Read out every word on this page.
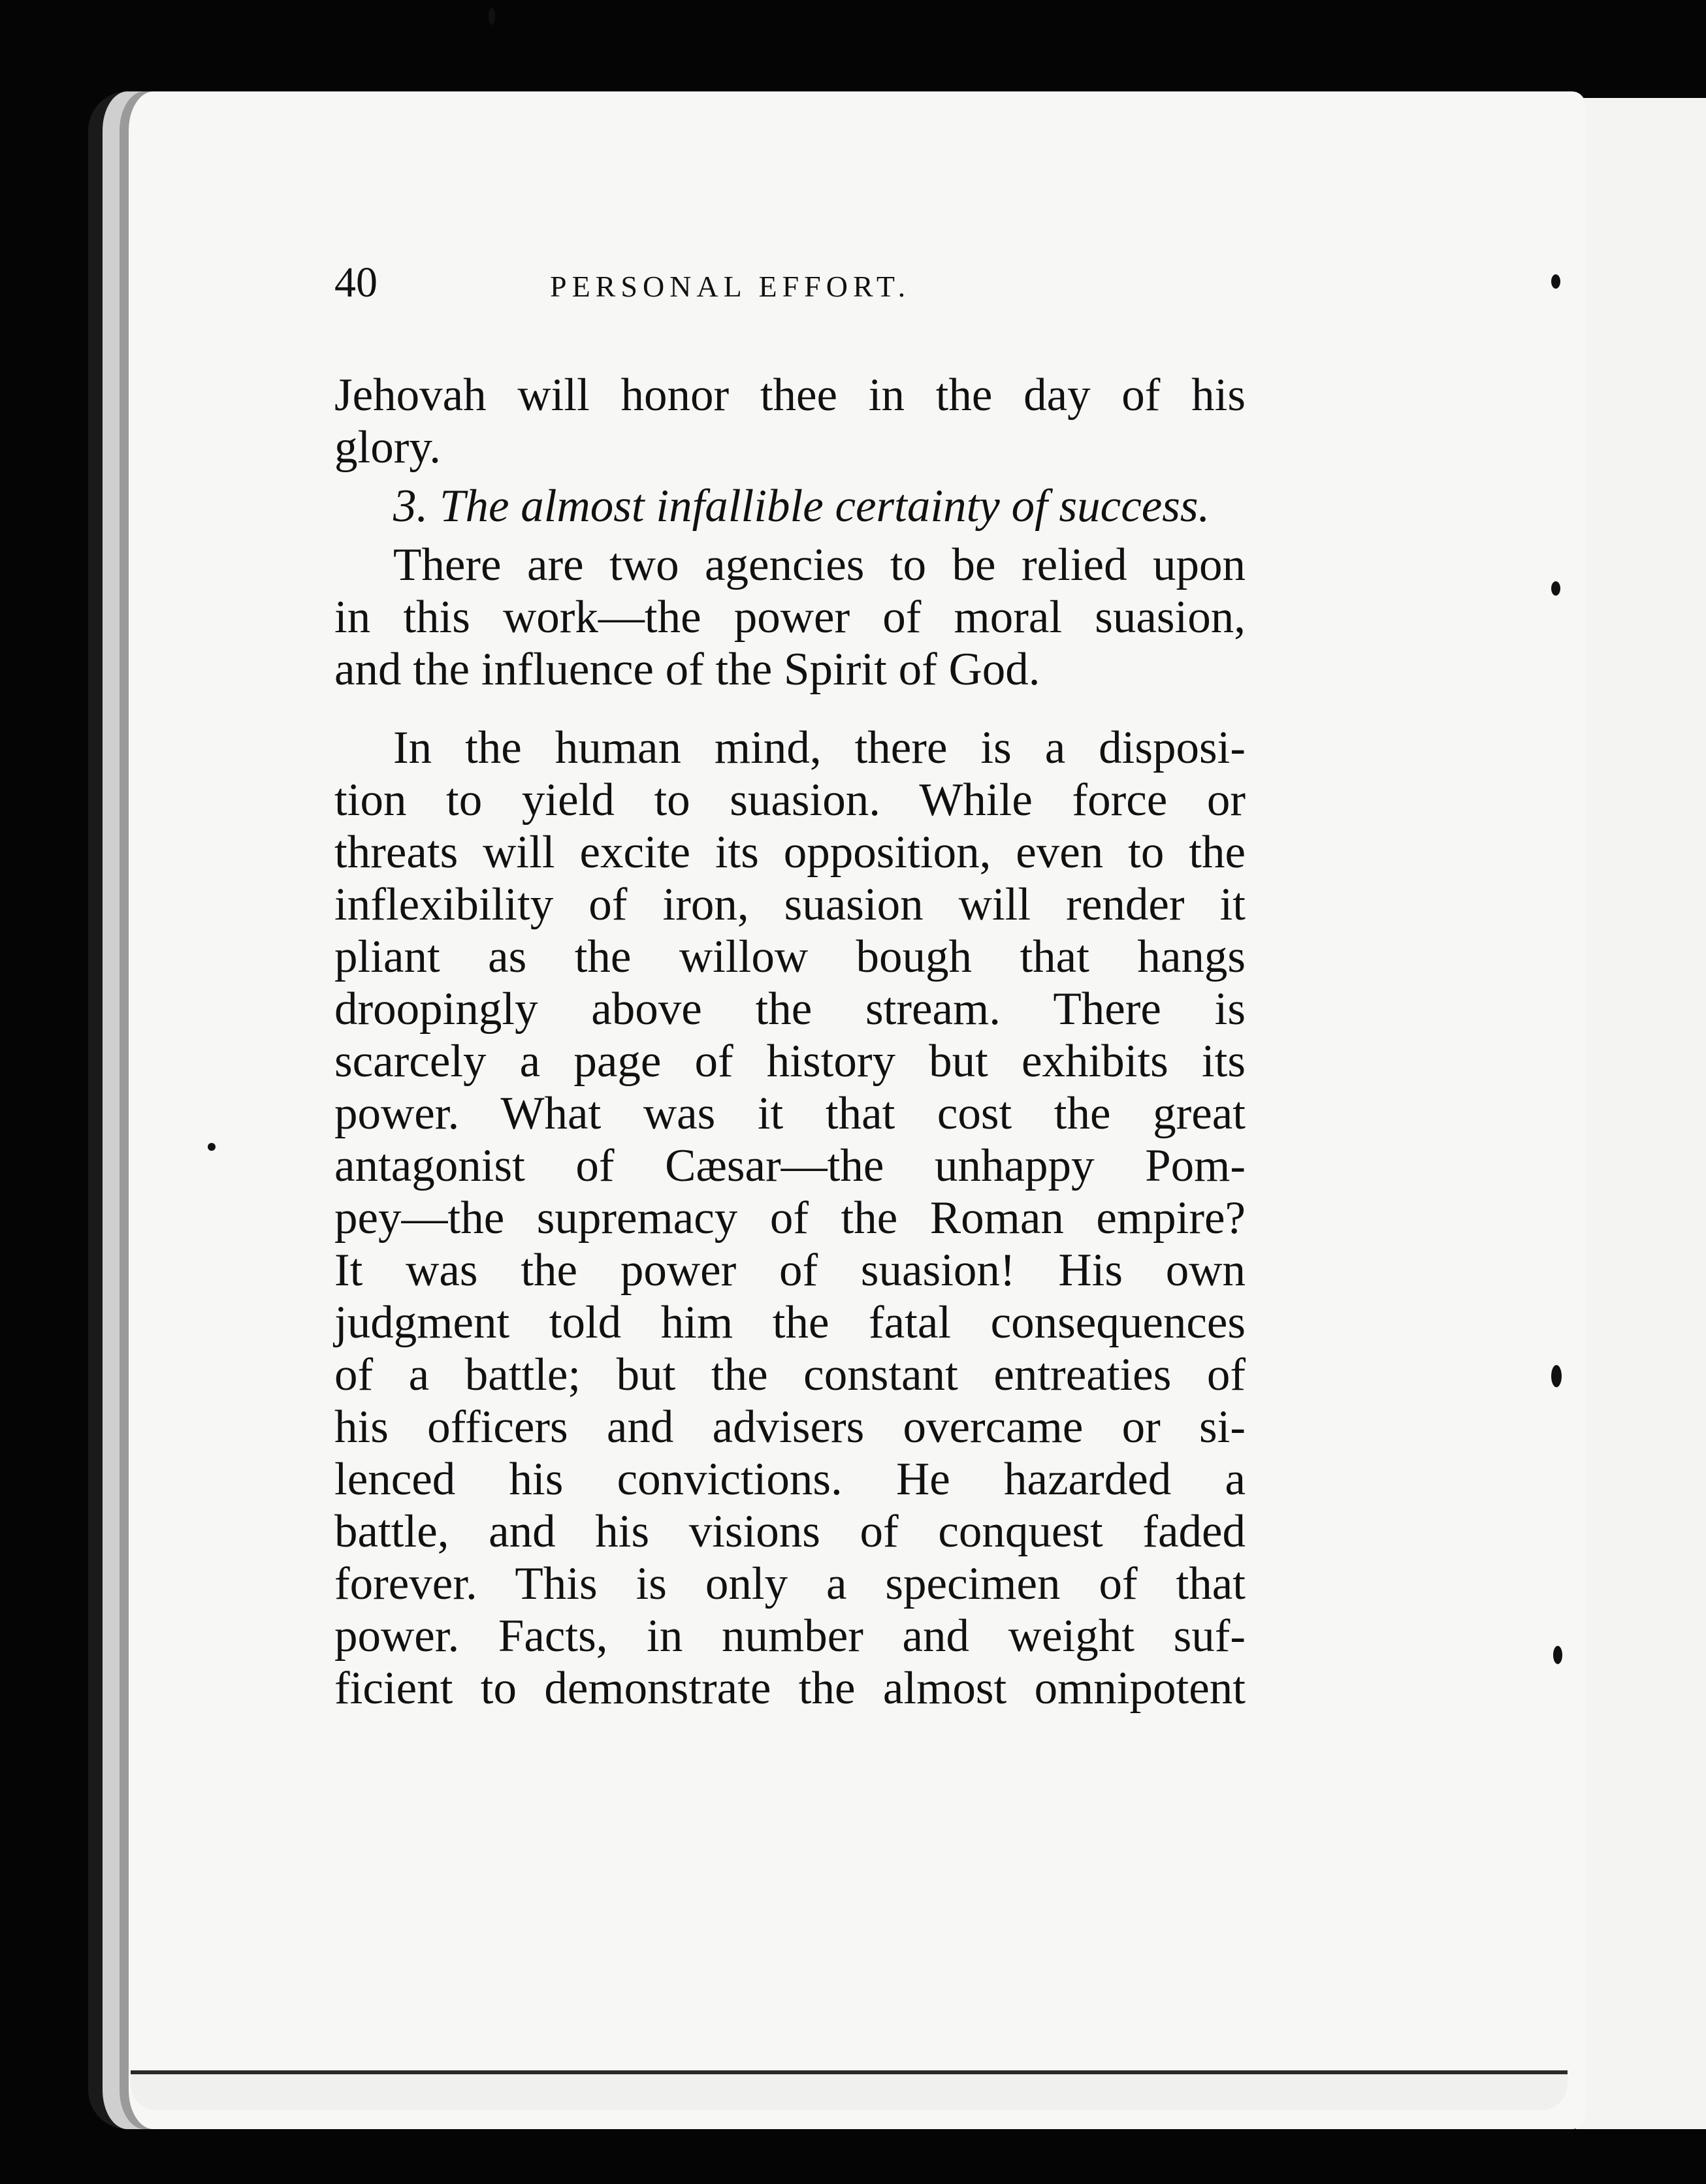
40	PERSONAL EFFORT.
Jehovah will honor thee in the day of his
glory.
3. The almost infallible certainty of success.
There are two agencies to be relied upon
in this work—the power of moral suasion,
and the influence of the Spirit of God.
In the human mind, there is a disposi-
tion to yield to suasion. While force or
threats will excite its opposition, even to the
inflexibility of iron, suasion will render it
pliant as the willow bough that hangs
droopingly above the stream. There is
scarcely a page of history but exhibits its
power. What was it that cost the great
antagonist of Cæsar—the unhappy Pom-
pey—the supremacy of the Roman empire?
It was the power of suasion! His own
judgment told him the fatal consequences
of a battle; but the constant entreaties of
his officers and advisers overcame or si-
lenced his convictions. He hazarded a
battle, and his visions of conquest faded
forever. This is only a specimen of that
power. Facts, in number and weight suf-
ficient to demonstrate the almost omnipotent
